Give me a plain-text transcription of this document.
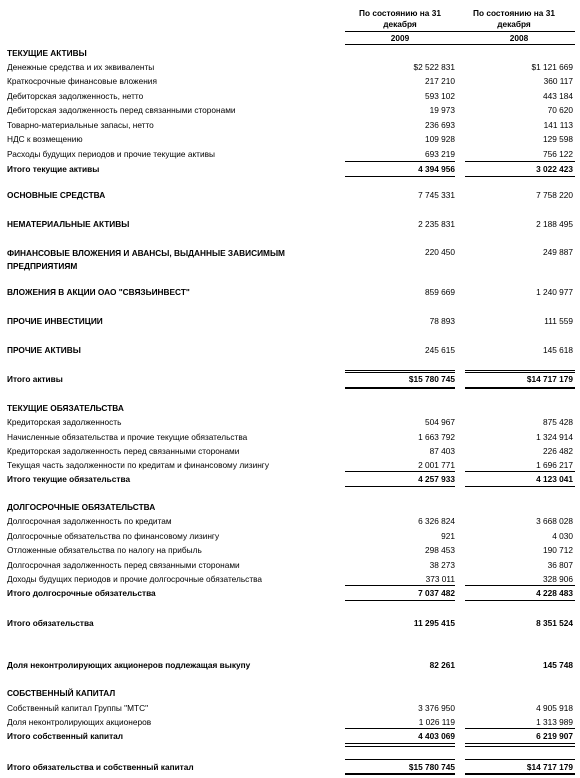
По состоянию на 31 декабря
По состоянию на 31 декабря
2009	2008
ТЕКУЩИЕ АКТИВЫ
Денежные средства и их эквиваленты	$2 522 831	$1 121 669
Краткосрочные финансовые вложения	217 210	360 117
Дебиторская задолженность, нетто	593 102	443 184
Дебиторская задолженность перед связанными сторонами	19 973	70 620
Товарно-материальные запасы, нетто	236 693	141 113
НДС к возмещению	109 928	129 598
Расходы будущих периодов и прочие текущие активы	693 219	756 122
Итого текущие активы	4 394 956	3 022 423
ОСНОВНЫЕ СРЕДСТВА	7 745 331	7 758 220
НЕМАТЕРИАЛЬНЫЕ АКТИВЫ	2 235 831	2 188 495
ФИНАНСОВЫЕ ВЛОЖЕНИЯ И АВАНСЫ, ВЫДАННЫЕ ЗАВИСИМЫМ ПРЕДПРИЯТИЯМ
220 450	249 887
ВЛОЖЕНИЯ В АКЦИИ ОАО "СВЯЗЬИНВЕСТ"	859 669	1 240 977
ПРОЧИЕ ИНВЕСТИЦИИ	78 893	111 559
ПРОЧИЕ АКТИВЫ	245 615	145 618
Итого активы	$15 780 745	$14 717 179
ТЕКУЩИЕ ОБЯЗАТЕЛЬСТВА
Кредиторская задолженность	504 967	875 428
Начисленные обязательства и прочие текущие обязательства	1 663 792	1 324 914
Кредиторская задолженность перед связанными сторонами	87 403	226 482
Текущая часть задолженности по кредитам и финансовому лизингу	2 001 771	1 696 217
Итого текущие обязательства	4 257 933	4 123 041
ДОЛГОСРОЧНЫЕ ОБЯЗАТЕЛЬСТВА
Долгосрочная задолженность по кредитам	6 326 824	3 668 028
Долгосрочные обязательства по финансовому лизингу	921	4 030
Отложенные обязательства по налогу на прибыль	298 453	190 712
Долгосрочная задолженность перед связанными сторонами	38 273	36 807
Доходы будущих периодов и прочие долгосрочные обязательства	373 011	328 906
Итого долгосрочные обязательства	7 037 482	4 228 483
Итого обязательства	11 295 415	8 351 524
Доля неконтролирующих акционеров подлежащая выкупу	82 261	145 748
СОБСТВЕННЫЙ КАПИТАЛ
Собственный капитал Группы "МТС"	3 376 950	4 905 918
Доля неконтролирующих акционеров	1 026 119	1 313 989
Итого собственный капитал	4 403 069	6 219 907
Итого обязательства и собственный капитал	$15 780 745	$14 717 179
